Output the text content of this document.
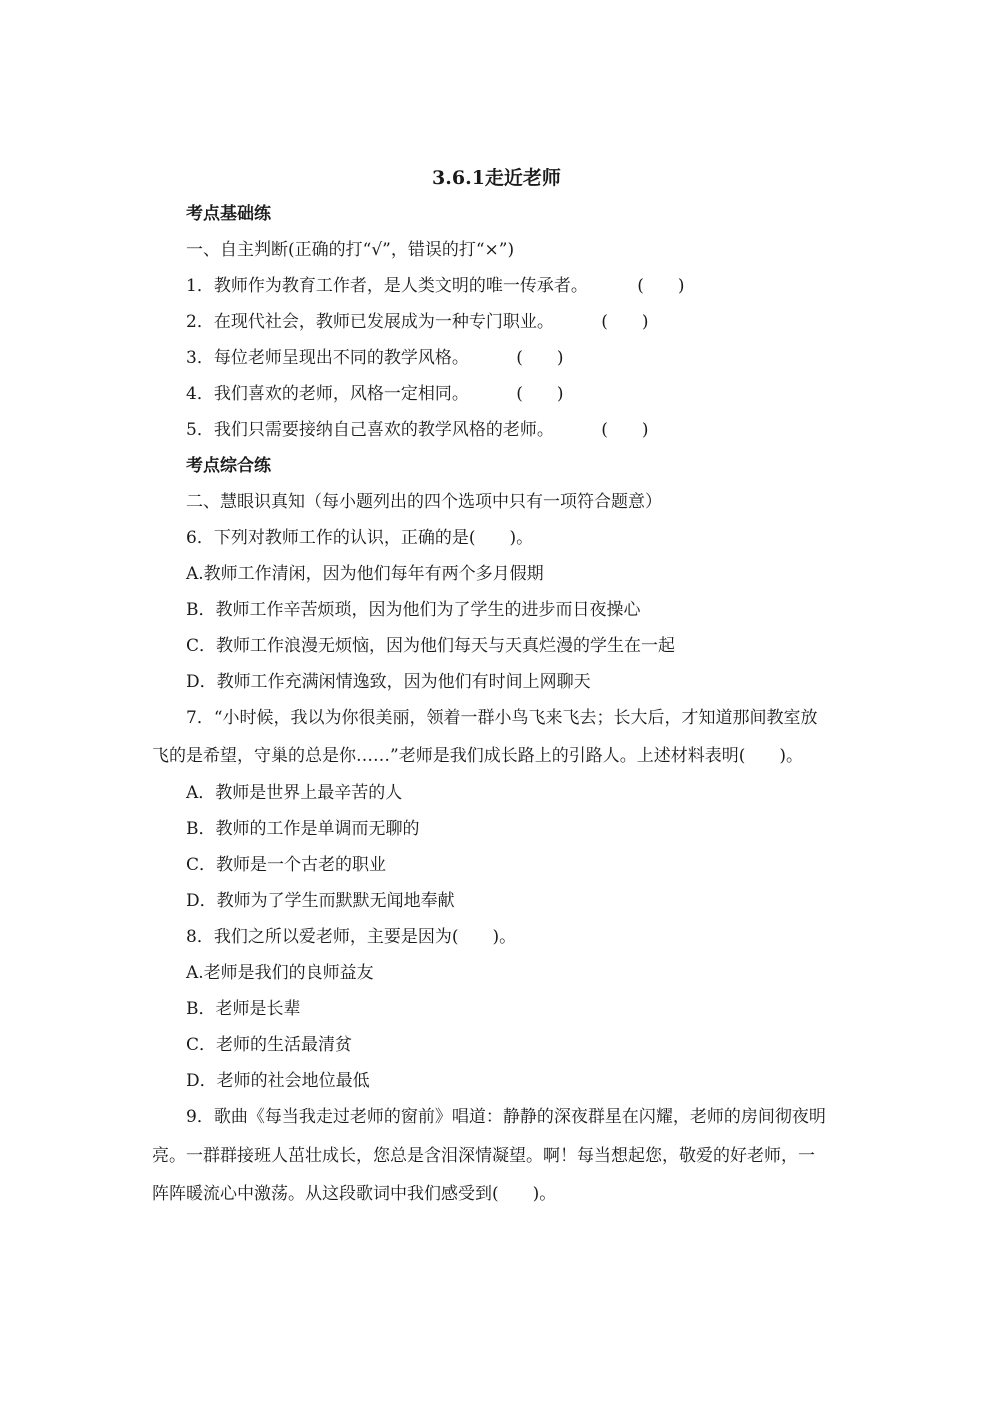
3.6.1走近老师
考点基础练
一、自主判断(正确的打“√”，错误的打“×”)
1．教师作为教育工作者，是人类文明的唯一传承者。	(　　)
2．在现代社会，教师已发展成为一种专门职业。	(　　)
3．每位老师呈现出不同的教学风格。	(　　)
4．我们喜欢的老师，风格一定相同。	(　　)
5．我们只需要接纳自己喜欢的教学风格的老师。	(　　)
考点综合练
二、慧眼识真知（每小题列出的四个选项中只有一项符合题意）
6．下列对教师工作的认识，正确的是(　　)。
A.教师工作清闲，因为他们每年有两个多月假期
B．教师工作辛苦烦琐，因为他们为了学生的进步而日夜操心
C．教师工作浪漫无烦恼，因为他们每天与天真烂漫的学生在一起
D．教师工作充满闲情逸致，因为他们有时间上网聊天
7．“小时候，我以为你很美丽，领着一群小鸟飞来飞去；长大后，才知道那间教室放
飞的是希望，守巢的总是你……”老师是我们成长路上的引路人。上述材料表明(　　)。
A．教师是世界上最辛苦的人
B．教师的工作是单调而无聊的
C．教师是一个古老的职业
D．教师为了学生而默默无闻地奉献
8．我们之所以爱老师，主要是因为(　　)。
A.老师是我们的良师益友
B．老师是长辈
C．老师的生活最清贫
D．老师的社会地位最低
9．歌曲《每当我走过老师的窗前》唱道：静静的深夜群星在闪耀，老师的房间彻夜明
亮。一群群接班人茁壮成长，您总是含泪深情凝望。啊！每当想起您，敬爱的好老师，一
阵阵暖流心中激荡。从这段歌词中我们感受到(　　)。
